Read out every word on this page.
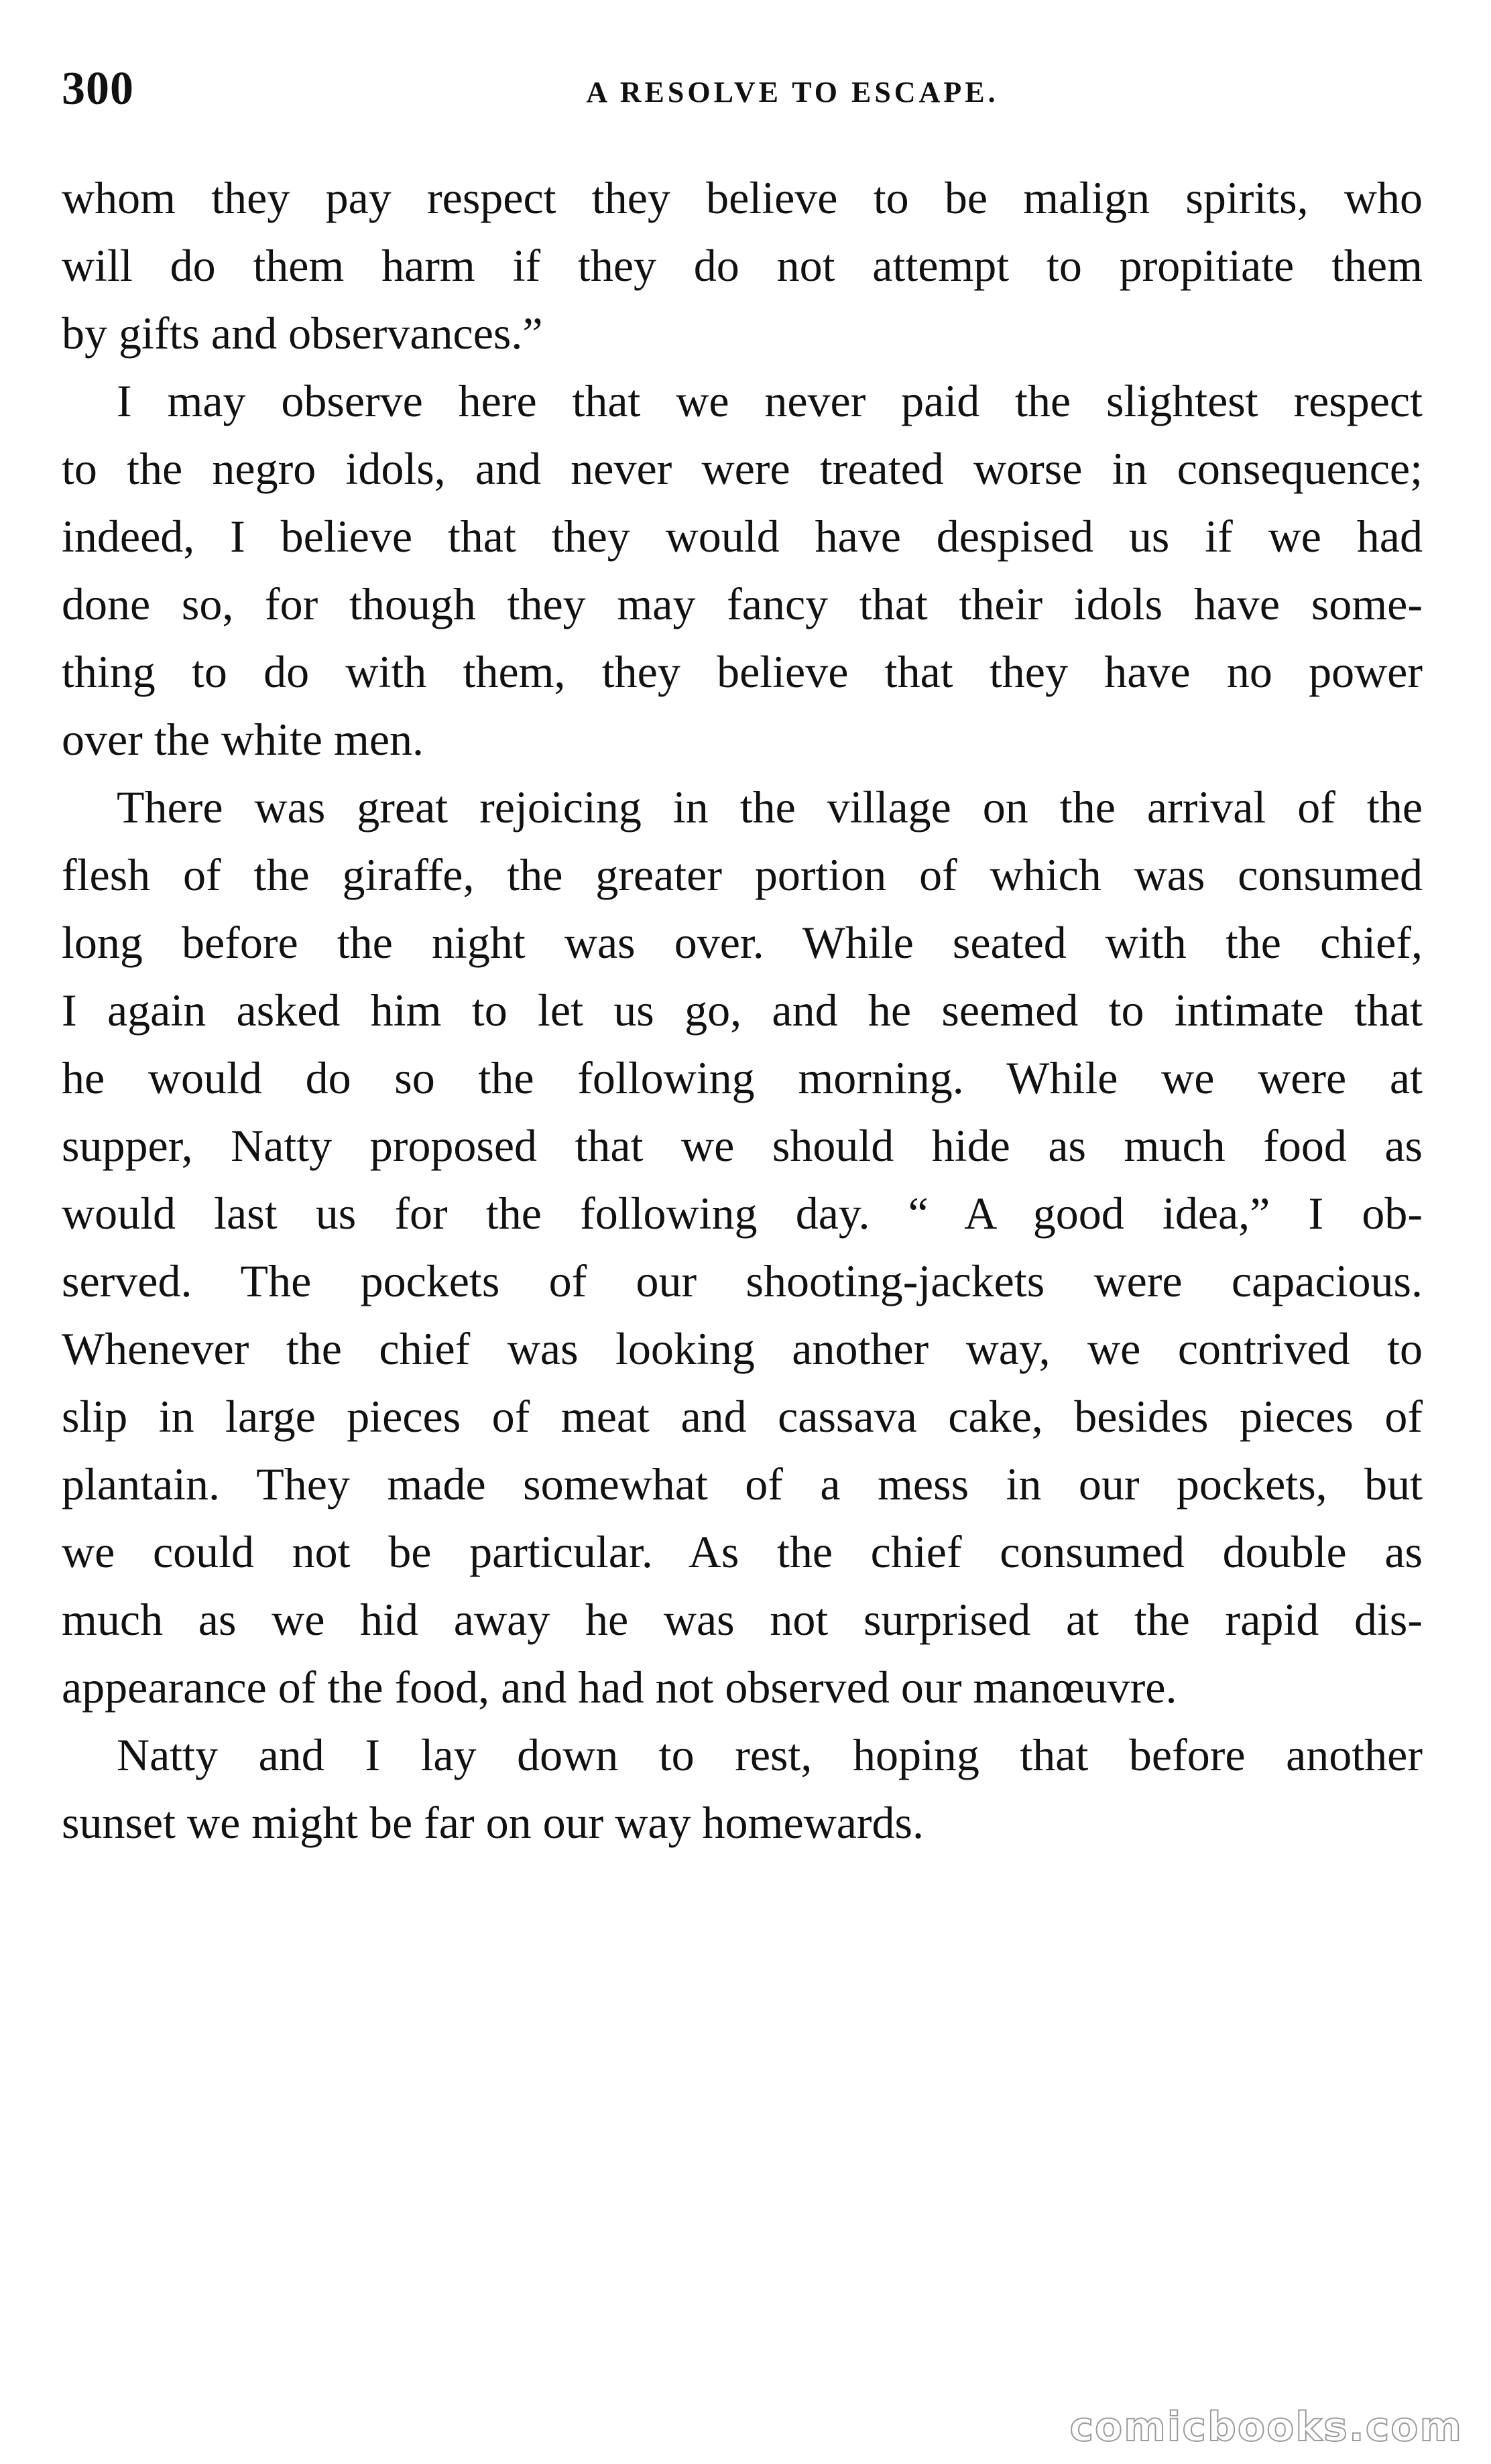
300	A RESOLVE TO ESCAPE.

whom they pay respect they believe to be malign spirits, who
will do them harm if they do not attempt to propitiate them
by gifts and observances.”

I may observe here that we never paid the slightest respect
to the negro idols, and never were treated worse in consequence;
indeed, I believe that they would have despised us if we had
done so, for though they may fancy that their idols have some-
thing to do with them, they believe that they have no power
over the white men.

There was great rejoicing in the village on the arrival of the
flesh of the giraffe, the greater portion of which was consumed
long before the night was over. While seated with the chief,
I again asked him to let us go, and he seemed to intimate that
he would do so the following morning. While we were at
supper, Natty proposed that we should hide as much food as
would last us for the following day. “ A good idea,” I ob-
served. The pockets of our shooting-jackets were capacious.
Whenever the chief was looking another way, we contrived to
slip in large pieces of meat and cassava cake, besides pieces of
plantain. They made somewhat of a mess in our pockets, but
we could not be particular. As the chief consumed double as
much as we hid away he was not surprised at the rapid dis-
appearance of the food, and had not observed our manœuvre.

Natty and I lay down to rest, hoping that before another
sunset we might be far on our way homewards.

comicbooks.com
